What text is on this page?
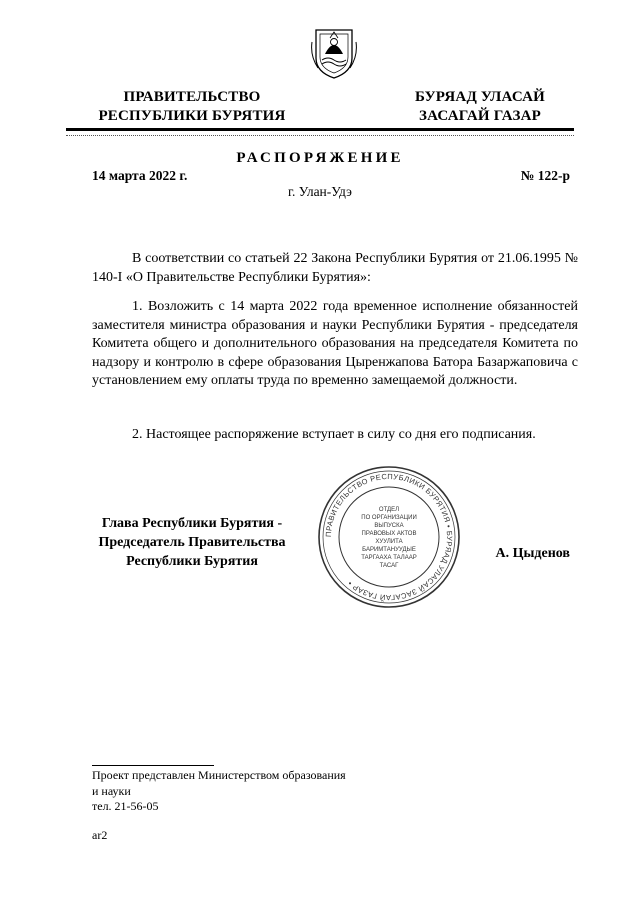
ПРАВИТЕЛЬСТВО
РЕСПУБЛИКИ БУРЯТИЯ
БУРЯАД УЛАСАЙ
ЗАСАГАЙ ГАЗАР
РАСПОРЯЖЕНИЕ
14 марта 2022 г.	№ 122-р
г. Улан-Удэ
В соответствии со статьей 22 Закона Республики Бурятия от 21.06.1995 № 140-I «О Правительстве Республики Бурятия»:
1. Возложить с 14 марта 2022 года временное исполнение обязанностей заместителя министра образования и науки Республики Бурятия - председателя Комитета общего и дополнительного образования на председателя Комитета по надзору и контролю в сфере образования Цыренжапова Батора Базаржаповича с установлением ему оплаты труда по временно замещаемой должности.
2. Настоящее распоряжение вступает в силу со дня его подписания.
Глава Республики Бурятия -
Председатель Правительства
Республики Бурятия
А. Цыденов
ПРАВИТЕЛЬСТВО РЕСПУБЛИКИ БУРЯТИЯ • БУРЯАД УЛАСАЙ ЗАСАГАЙ ГАЗАР •
ОТДЕЛ
ПО ОРГАНИЗАЦИИ
ВЫПУСКА
ПРАВОВЫХ АКТОВ
ХУУЛИТА
БАРИМТАНУУДЫЕ
ТАРГААХА ТАЛААР
ТАСАГ
Проект представлен Министерством образования
и науки
тел. 21-56-05
ar2
